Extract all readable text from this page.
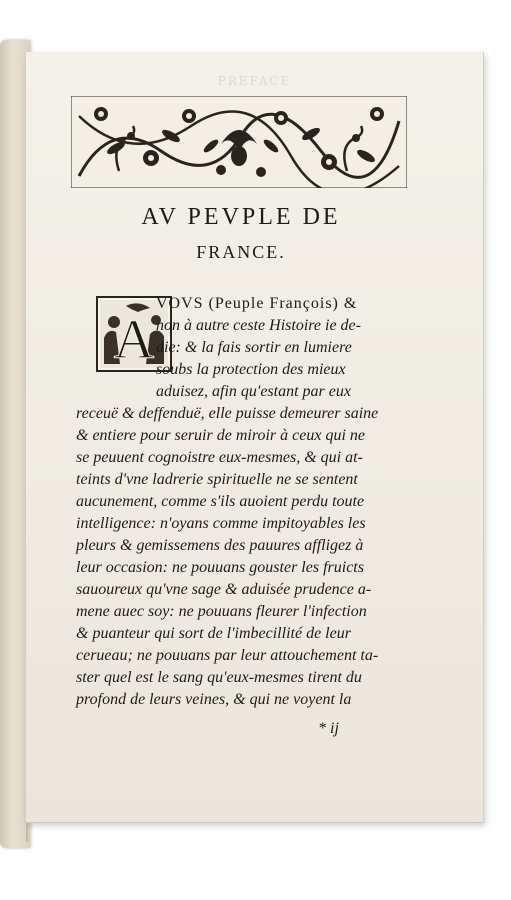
PREFACE
AV PEVPLE DE
FRANCE.
A
VOVS (Peuple François) &
non à autre ceste Histoire ie de-
die: & la fais sortir en lumiere
soubs la protection des mieux
aduisez, afin qu'estant par eux
receuë & deffenduë, elle puisse demeurer saine
& entiere pour seruir de miroir à ceux qui ne
se peuuent cognoistre eux-mesmes, & qui at-
teints d'vne ladrerie spirituelle ne se sentent
aucunement, comme s'ils auoient perdu toute
intelligence: n'oyans comme impitoyables les
pleurs & gemissemens des pauures affligez à
leur occasion: ne pouuans gouster les fruicts
sauoureux qu'vne sage & aduisée prudence a-
mene auec soy: ne pouuans fleurer l'infection
& puanteur qui sort de l'imbecillité de leur
cerueau; ne pouuans par leur attouchement ta-
ster quel est le sang qu'eux-mesmes tirent du
profond de leurs veines, & qui ne voyent la
* ij
